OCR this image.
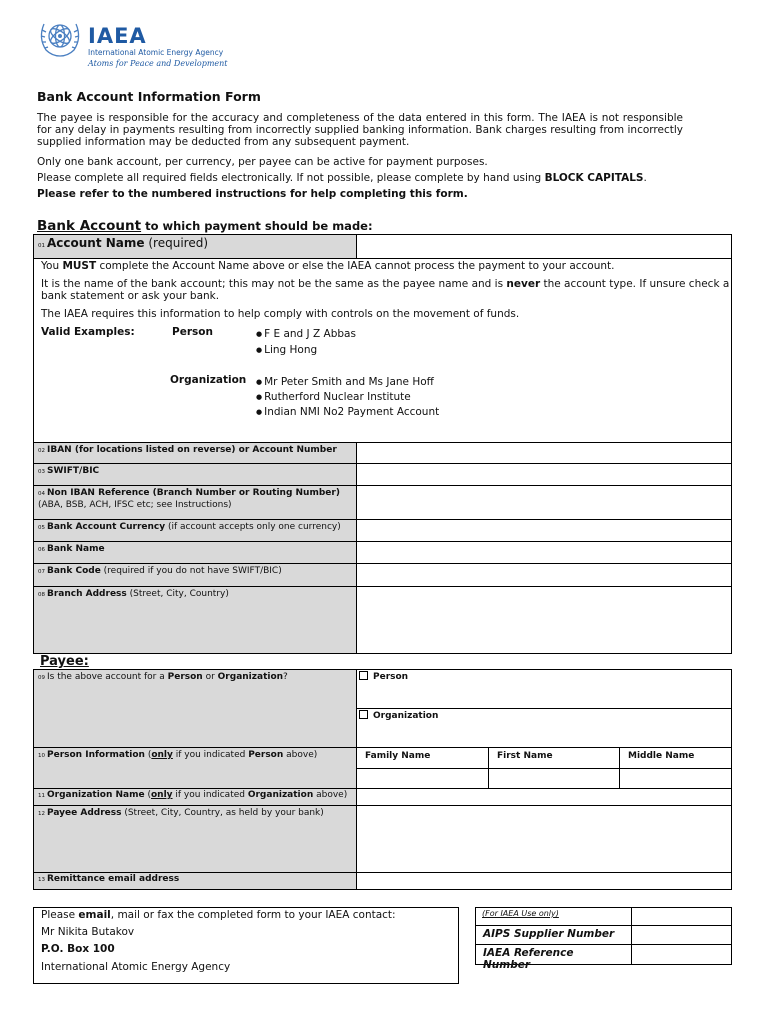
IAEA
International Atomic Energy Agency
Atoms for Peace and Development
Bank Account Information Form
The payee is responsible for the accuracy and completeness of the data entered in this form. The IAEA is not responsible for any delay in payments resulting from incorrectly supplied banking information. Bank charges resulting from incorrectly supplied information may be deducted from any subsequent payment.
Only one bank account, per currency, per payee can be active for payment purposes.
Please complete all required fields electronically. If not possible, please complete by hand using BLOCK CAPITALS.
Please refer to the numbered instructions for help completing this form.
Bank Account to which payment should be made:
01 Account Name (required)

You MUST complete the Account Name above or else the IAEA cannot process the payment to your account.

It is the name of the bank account; this may not be the same as the payee name and is never the account type. If unsure check a bank statement or ask your bank.

The IAEA requires this information to help comply with controls on the movement of funds.

Valid Examples:	Person	● F E and J Z Abbas
● Ling Hong

Organization	● Mr Peter Smith and Ms Jane Hoff
● Rutherford Nuclear Institute
● Indian NMI No2 Payment Account
02 IBAN (for locations listed on reverse) or Account Number
03 SWIFT/BIC
04 Non IBAN Reference (Branch Number or Routing Number)
(ABA, BSB, ACH, IFSC etc; see Instructions)
05 Bank Account Currency (if account accepts only one currency)
06 Bank Name
07 Bank Code (required if you do not have SWIFT/BIC)
08 Branch Address (Street, City, Country)
Payee:
09 Is the above account for a Person or Organization?	Person
Organization
10 Person Information (only if you indicated Person above)	Family Name	First Name	Middle Name
11 Organization Name (only if you indicated Organization above)
12 Payee Address (Street, City, Country, as held by your bank)
13 Remittance email address
Please email, mail or fax the completed form to your IAEA contact:
Mr Nikita Butakov
P.O. Box 100
International Atomic Energy Agency
(For IAEA Use only)
AIPS Supplier Number
IAEA Reference Number
